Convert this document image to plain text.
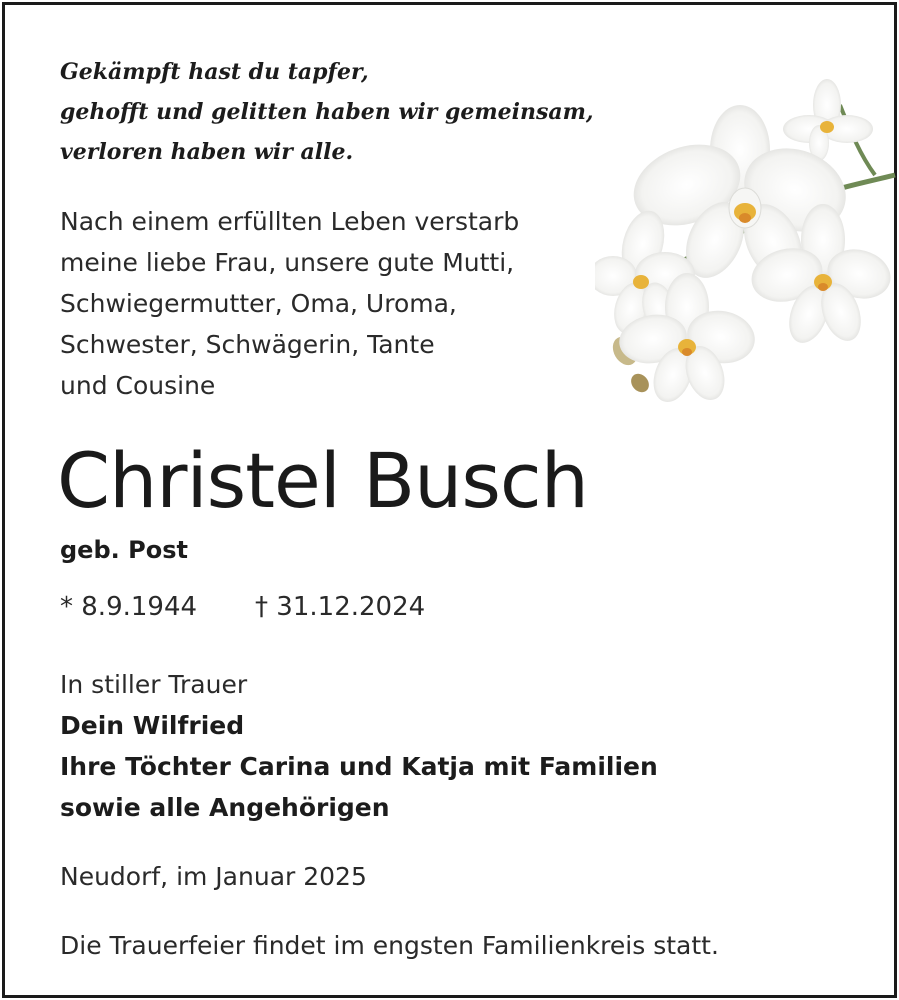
Gekämpft hast du tapfer,
gehofft und gelitten haben wir gemeinsam,
verloren haben wir alle.
Nach einem erfüllten Leben verstarb
meine liebe Frau, unsere gute Mutti,
Schwiegermutter, Oma, Uroma,
Schwester, Schwägerin, Tante
und Cousine
Christel Busch
geb. Post
* 8.9.1944 † 31.12.2024
In stiller Trauer
Dein Wilfried
Ihre Töchter Carina und Katja mit Familien
sowie alle Angehörigen
Neudorf, im Januar 2025
Die Trauerfeier findet im engsten Familienkreis statt.
